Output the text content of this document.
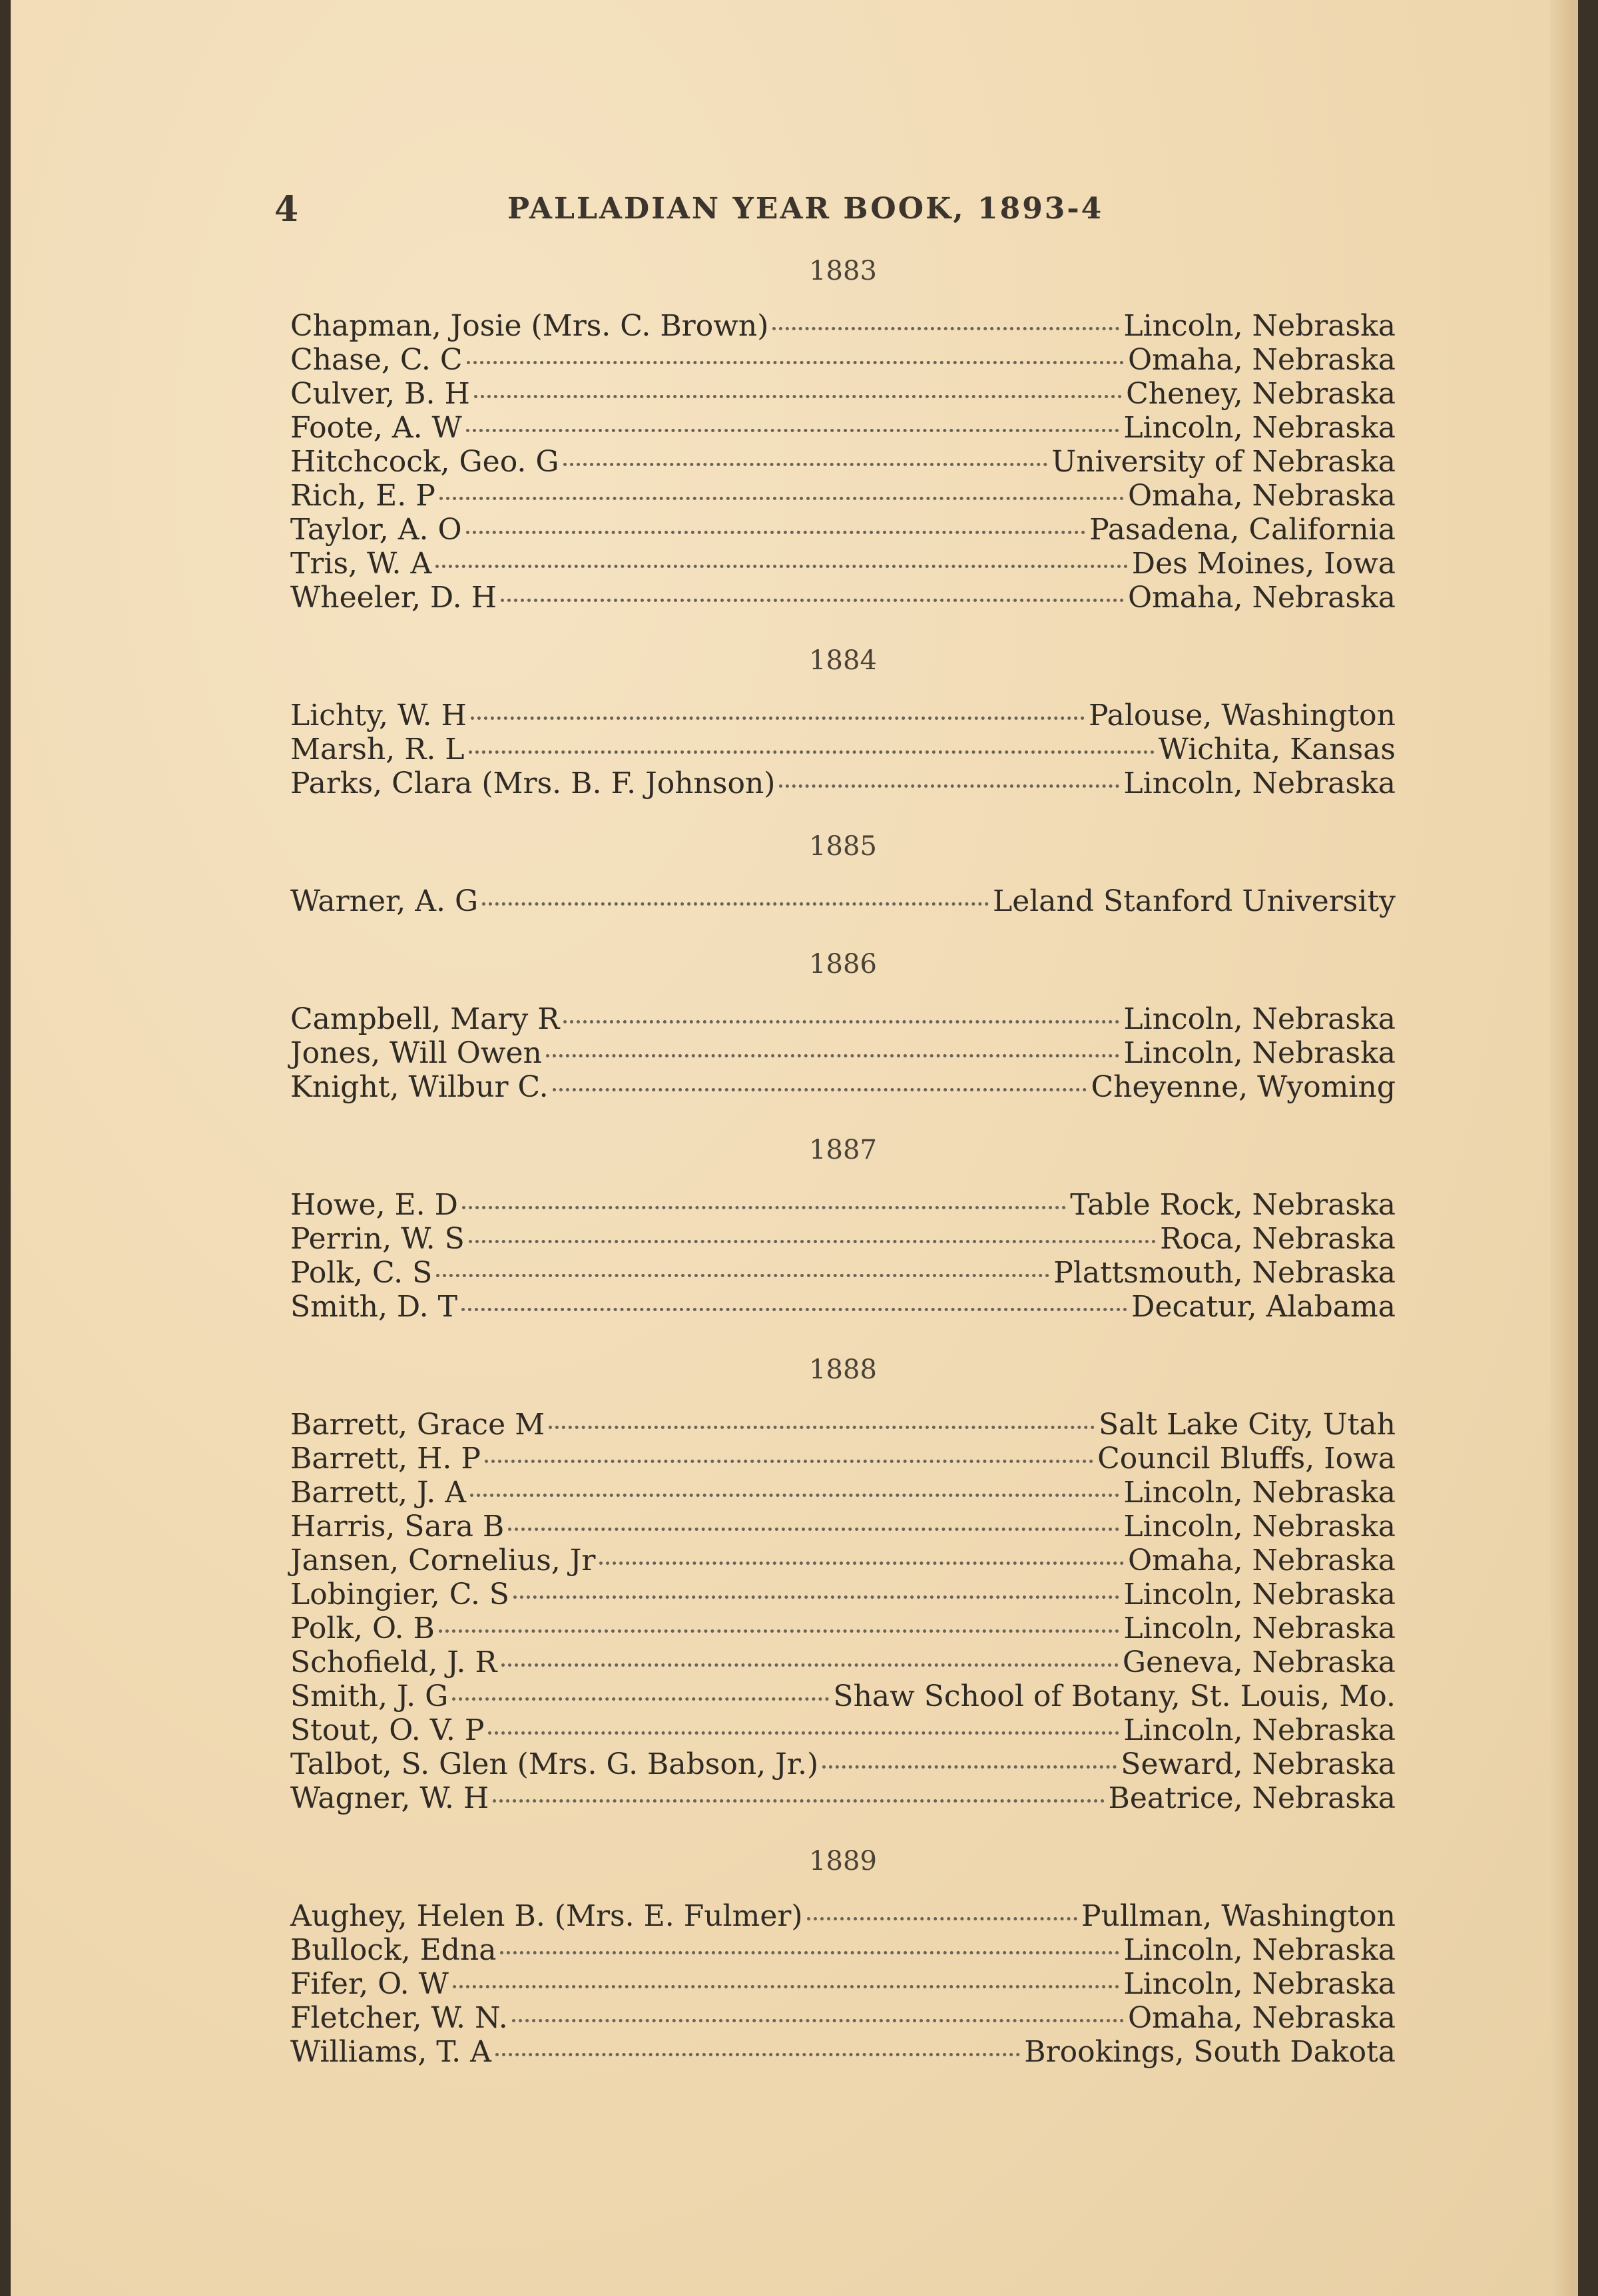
4	PALLADIAN YEAR BOOK, 1893-4
1883
Chapman, Josie (Mrs. C. Brown)	Lincoln, Nebraska
Chase, C. C	Omaha, Nebraska
Culver, B. H	Cheney, Nebraska
Foote, A. W	Lincoln, Nebraska
Hitchcock, Geo. G	University of Nebraska
Rich, E. P	Omaha, Nebraska
Taylor, A. O	Pasadena, California
Tris, W. A	Des Moines, Iowa
Wheeler, D. H	Omaha, Nebraska
1884
Lichty, W. H	Palouse, Washington
Marsh, R. L	Wichita, Kansas
Parks, Clara (Mrs. B. F. Johnson)	Lincoln, Nebraska
1885
Warner, A. G	Leland Stanford University
1886
Campbell, Mary R	Lincoln, Nebraska
Jones, Will Owen	Lincoln, Nebraska
Knight, Wilbur C.	Cheyenne, Wyoming
1887
Howe, E. D	Table Rock, Nebraska
Perrin, W. S	Roca, Nebraska
Polk, C. S	Plattsmouth, Nebraska
Smith, D. T	Decatur, Alabama
1888
Barrett, Grace M	Salt Lake City, Utah
Barrett, H. P	Council Bluffs, Iowa
Barrett, J. A	Lincoln, Nebraska
Harris, Sara B	Lincoln, Nebraska
Jansen, Cornelius, Jr	Omaha, Nebraska
Lobingier, C. S	Lincoln, Nebraska
Polk, O. B	Lincoln, Nebraska
Schofield, J. R	Geneva, Nebraska
Smith, J. G	Shaw School of Botany, St. Louis, Mo.
Stout, O. V. P	Lincoln, Nebraska
Talbot, S. Glen (Mrs. G. Babson, Jr.)	Seward, Nebraska
Wagner, W. H	Beatrice, Nebraska
1889
Aughey, Helen B. (Mrs. E. Fulmer)	Pullman, Washington
Bullock, Edna	Lincoln, Nebraska
Fifer, O. W	Lincoln, Nebraska
Fletcher, W. N.	Omaha, Nebraska
Williams, T. A	Brookings, South Dakota
